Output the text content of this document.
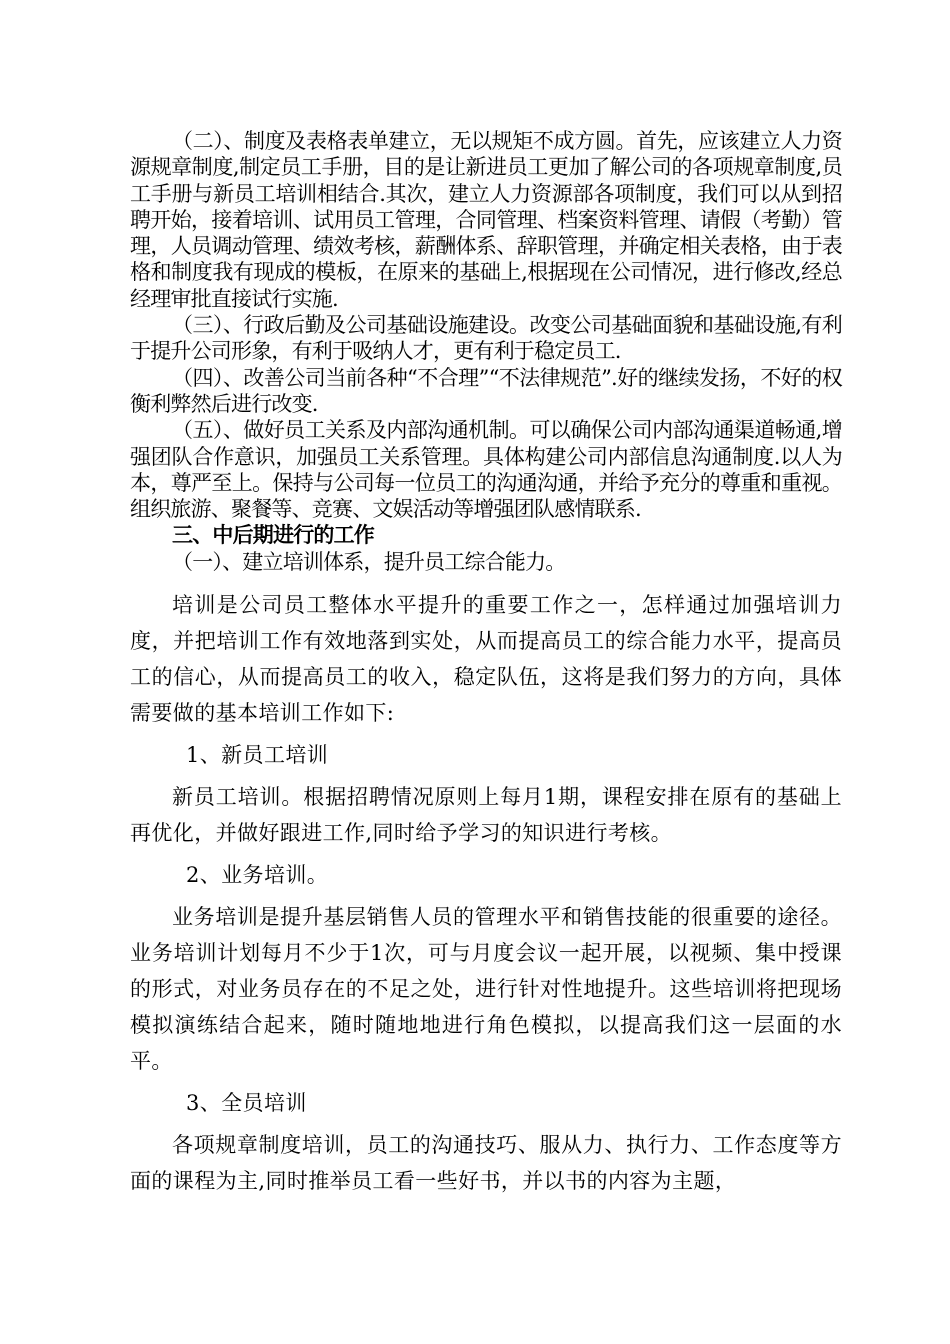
（二）、制度及表格表单建立，无以规矩不成方圆。首先，应该建立人力资源规章制度,制定员工手册，目的是让新进员工更加了解公司的各项规章制度,员工手册与新员工培训相结合.其次，建立人力资源部各项制度，我们可以从到招聘开始，接着培训、试用员工管理，合同管理、档案资料管理、请假（考勤）管理，人员调动管理、绩效考核，薪酬体系、辞职管理，并确定相关表格，由于表格和制度我有现成的模板，在原来的基础上,根据现在公司情况，进行修改,经总经理审批直接试行实施.

（三）、行政后勤及公司基础设施建设。改变公司基础面貌和基础设施,有利于提升公司形象，有利于吸纳人才，更有利于稳定员工.

（四）、改善公司当前各种“不合理”“不法律规范”.好的继续发扬，不好的权衡利弊然后进行改变.

（五）、做好员工关系及内部沟通机制。可以确保公司内部沟通渠道畅通,增强团队合作意识，加强员工关系管理。具体构建公司内部信息沟通制度.以人为本，尊严至上。保持与公司每一位员工的沟通沟通，并给予充分的尊重和重视。组织旅游、聚餐等、竞赛、文娱活动等增强团队感情联系.

三、中后期进行的工作

（一）、建立培训体系，提升员工综合能力。

培训是公司员工整体水平提升的重要工作之一，怎样通过加强培训力度，并把培训工作有效地落到实处，从而提高员工的综合能力水平，提高员工的信心，从而提高员工的收入，稳定队伍，这将是我们努力的方向，具体需要做的基本培训工作如下:

1、新员工培训

新员工培训。根据招聘情况原则上每月1期，课程安排在原有的基础上再优化，并做好跟进工作,同时给予学习的知识进行考核。

2、业务培训。

业务培训是提升基层销售人员的管理水平和销售技能的很重要的途径。业务培训计划每月不少于1次，可与月度会议一起开展，以视频、集中授课的形式，对业务员存在的不足之处，进行针对性地提升。这些培训将把现场模拟演练结合起来，随时随地地进行角色模拟，以提高我们这一层面的水平。

3、全员培训

各项规章制度培训，员工的沟通技巧、服从力、执行力、工作态度等方面的课程为主,同时推举员工看一些好书，并以书的内容为主题，
